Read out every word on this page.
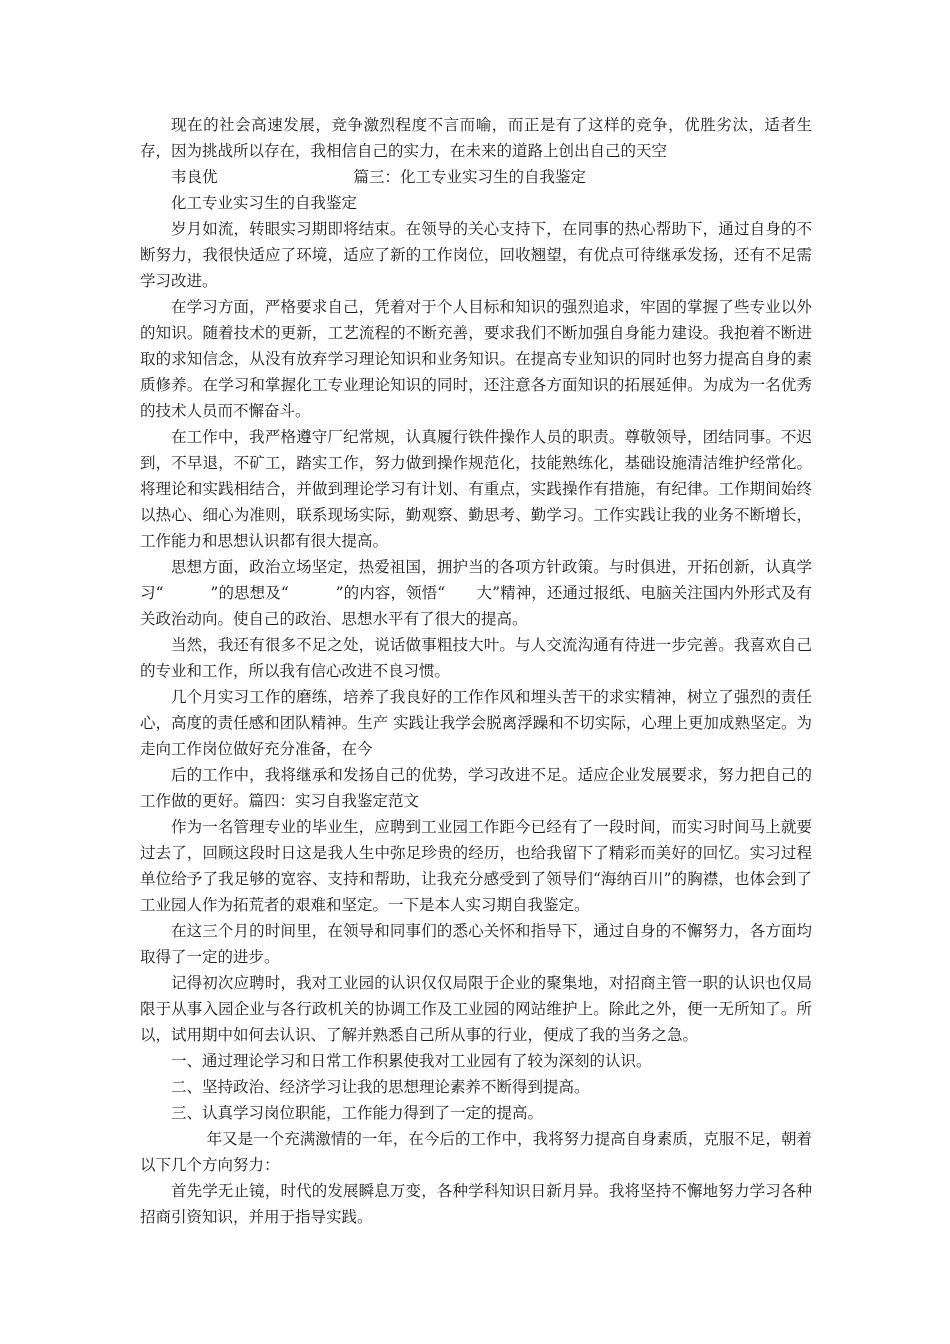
现在的社会高速发展，竞争激烈程度不言而喻，而正是有了这样的竞争，优胜劣汰，适者生存，因为挑战所以存在，我相信自己的实力，在未来的道路上创出自己的天空

韦良优	篇三：化工专业实习生的自我鉴定

化工专业实习生的自我鉴定

岁月如流，转眼实习期即将结束。在领导的关心支持下，在同事的热心帮助下，通过自身的不断努力，我很快适应了环境，适应了新的工作岗位，回收翘望，有优点可待继承发扬，还有不足需学习改进。

在学习方面，严格要求自己，凭着对于个人目标和知识的强烈追求，牢固的掌握了些专业以外的知识。随着技术的更新，工艺流程的不断充善，要求我们不断加强自身能力建设。我抱着不断进取的求知信念，从没有放弃学习理论知识和业务知识。在提高专业知识的同时也努力提高自身的素质修养。在学习和掌握化工专业理论知识的同时，还注意各方面知识的拓展延伸。为成为一名优秀的技术人员而不懈奋斗。

在工作中，我严格遵守厂纪常规，认真履行铁件操作人员的职责。尊敬领导，团结同事。不迟到，不早退，不矿工，踏实工作，努力做到操作规范化，技能熟练化，基础设施清洁维护经常化。将理论和实践相结合，并做到理论学习有计划、有重点，实践操作有措施，有纪律。工作期间始终以热心、细心为准则，联系现场实际，勤观察、勤思考、勤学习。工作实践让我的业务不断增长，工作能力和思想认识都有很大提高。

思想方面，政治立场坚定，热爱祖国，拥护当的各项方针政策。与时俱进，开拓创新，认真学习“　　　”的思想及“　　　”的内容，领悟“　　大”精神，还通过报纸、电脑关注国内外形式及有关政治动向。使自己的政治、思想水平有了很大的提高。

当然，我还有很多不足之处，说话做事粗技大叶。与人交流沟通有待进一步完善。我喜欢自己的专业和工作，所以我有信心改进不良习惯。

几个月实习工作的磨练，培养了我良好的工作作风和埋头苦干的求实精神，树立了强烈的责任心，高度的责任感和团队精神。生产 实践让我学会脱离浮躁和不切实际，心理上更加成熟坚定。为走向工作岗位做好充分准备，在今

后的工作中，我将继承和发扬自己的优势，学习改进不足。适应企业发展要求，努力把自己的工作做的更好。篇四：实习自我鉴定范文

作为一名管理专业的毕业生，应聘到工业园工作距今已经有了一段时间，而实习时间马上就要过去了，回顾这段时日这是我人生中弥足珍贵的经历，也给我留下了精彩而美好的回忆。实习过程单位给予了我足够的宽容、支持和帮助，让我充分感受到了领导们“海纳百川”的胸襟，也体会到了工业园人作为拓荒者的艰难和坚定。一下是本人实习期自我鉴定。

在这三个月的时间里，在领导和同事们的悉心关怀和指导下，通过自身的不懈努力，各方面均取得了一定的进步。

记得初次应聘时，我对工业园的认识仅仅局限于企业的聚集地，对招商主管一职的认识也仅局限于从事入园企业与各行政机关的协调工作及工业园的网站维护上。除此之外，便一无所知了。所以，试用期中如何去认识、了解并熟悉自己所从事的行业，便成了我的当务之急。

一、通过理论学习和日常工作积累使我对工业园有了较为深刻的认识。

二、坚持政治、经济学习让我的思想理论素养不断得到提高。

三、认真学习岗位职能，工作能力得到了一定的提高。

年又是一个充满激情的一年，在今后的工作中，我将努力提高自身素质，克服不足，朝着以下几个方向努力：

首先学无止镜，时代的发展瞬息万变，各种学科知识日新月异。我将坚持不懈地努力学习各种招商引资知识，并用于指导实践。
